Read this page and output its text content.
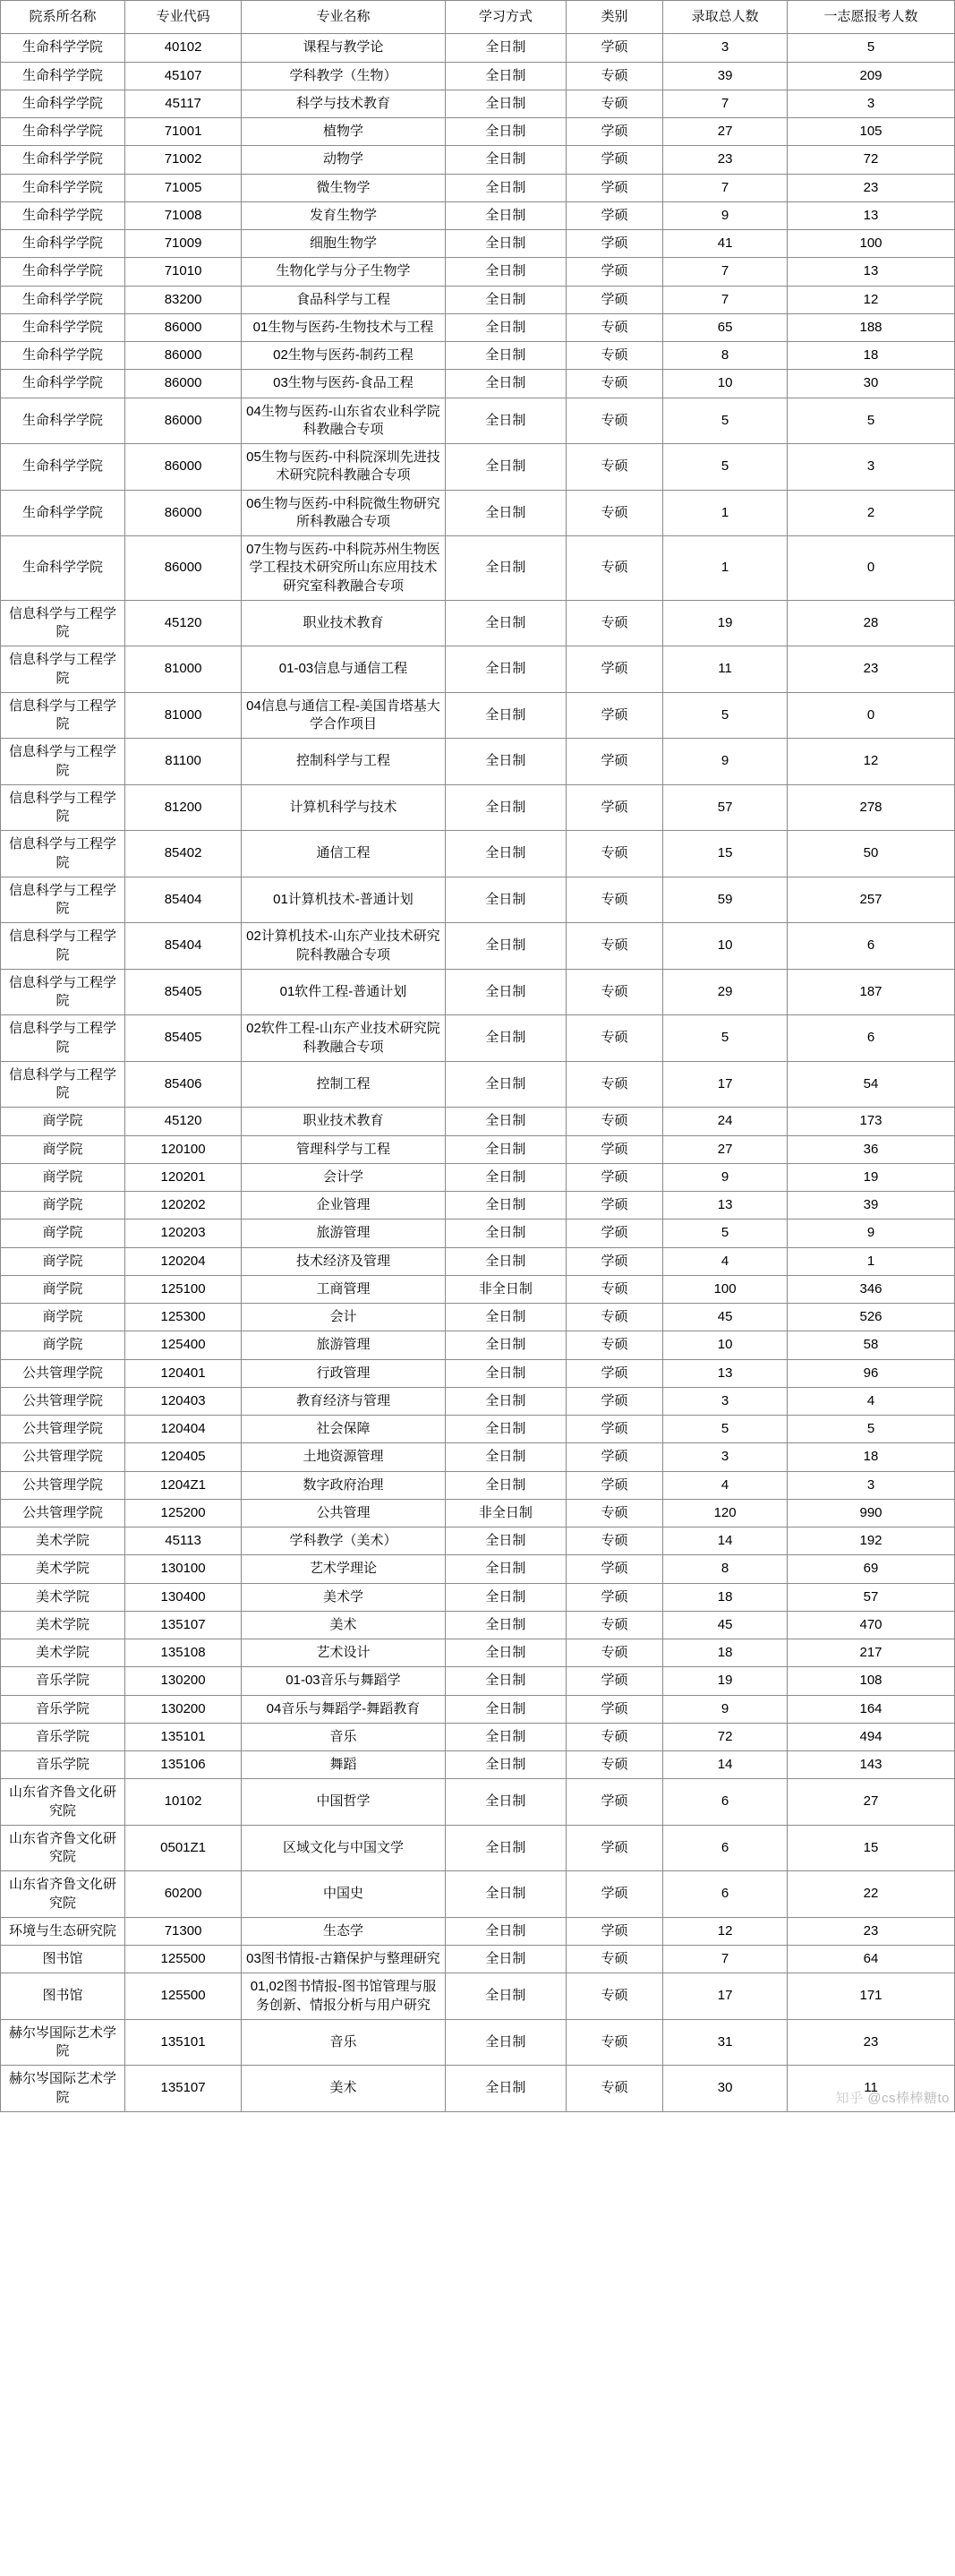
院系所名称	专业代码	专业名称	学习方式	类别	录取总人数	一志愿报考人数
生命科学学院	40102	课程与教学论	全日制	学硕	3	5
生命科学学院	45107	学科教学（生物）	全日制	专硕	39	209
生命科学学院	45117	科学与技术教育	全日制	专硕	7	3
生命科学学院	71001	植物学	全日制	学硕	27	105
生命科学学院	71002	动物学	全日制	学硕	23	72
生命科学学院	71005	微生物学	全日制	学硕	7	23
生命科学学院	71008	发育生物学	全日制	学硕	9	13
生命科学学院	71009	细胞生物学	全日制	学硕	41	100
生命科学学院	71010	生物化学与分子生物学	全日制	学硕	7	13
生命科学学院	83200	食品科学与工程	全日制	学硕	7	12
生命科学学院	86000	01生物与医药-生物技术与工程	全日制	专硕	65	188
生命科学学院	86000	02生物与医药-制药工程	全日制	专硕	8	18
生命科学学院	86000	03生物与医药-食品工程	全日制	专硕	10	30
生命科学学院	86000	04生物与医药-山东省农业科学院科教融合专项	全日制	专硕	5	5
生命科学学院	86000	05生物与医药-中科院深圳先进技术研究院科教融合专项	全日制	专硕	5	3
生命科学学院	86000	06生物与医药-中科院微生物研究所科教融合专项	全日制	专硕	1	2
生命科学学院	86000	07生物与医药-中科院苏州生物医学工程技术研究所山东应用技术研究室科教融合专项	全日制	专硕	1	0
信息科学与工程学院	45120	职业技术教育	全日制	专硕	19	28
信息科学与工程学院	81000	01-03信息与通信工程	全日制	学硕	11	23
信息科学与工程学院	81000	04信息与通信工程-美国肯塔基大学合作项目	全日制	学硕	5	0
信息科学与工程学院	81100	控制科学与工程	全日制	学硕	9	12
信息科学与工程学院	81200	计算机科学与技术	全日制	学硕	57	278
信息科学与工程学院	85402	通信工程	全日制	专硕	15	50
信息科学与工程学院	85404	01计算机技术-普通计划	全日制	专硕	59	257
信息科学与工程学院	85404	02计算机技术-山东产业技术研究院科教融合专项	全日制	专硕	10	6
信息科学与工程学院	85405	01软件工程-普通计划	全日制	专硕	29	187
信息科学与工程学院	85405	02软件工程-山东产业技术研究院科教融合专项	全日制	专硕	5	6
信息科学与工程学院	85406	控制工程	全日制	专硕	17	54
商学院	45120	职业技术教育	全日制	专硕	24	173
商学院	120100	管理科学与工程	全日制	学硕	27	36
商学院	120201	会计学	全日制	学硕	9	19
商学院	120202	企业管理	全日制	学硕	13	39
商学院	120203	旅游管理	全日制	学硕	5	9
商学院	120204	技术经济及管理	全日制	学硕	4	1
商学院	125100	工商管理	非全日制	专硕	100	346
商学院	125300	会计	全日制	专硕	45	526
商学院	125400	旅游管理	全日制	专硕	10	58
公共管理学院	120401	行政管理	全日制	学硕	13	96
公共管理学院	120403	教育经济与管理	全日制	学硕	3	4
公共管理学院	120404	社会保障	全日制	学硕	5	5
公共管理学院	120405	土地资源管理	全日制	学硕	3	18
公共管理学院	1204Z1	数字政府治理	全日制	学硕	4	3
公共管理学院	125200	公共管理	非全日制	专硕	120	990
美术学院	45113	学科教学（美术）	全日制	专硕	14	192
美术学院	130100	艺术学理论	全日制	学硕	8	69
美术学院	130400	美术学	全日制	学硕	18	57
美术学院	135107	美术	全日制	专硕	45	470
美术学院	135108	艺术设计	全日制	专硕	18	217
音乐学院	130200	01-03音乐与舞蹈学	全日制	学硕	19	108
音乐学院	130200	04音乐与舞蹈学-舞蹈教育	全日制	学硕	9	164
音乐学院	135101	音乐	全日制	专硕	72	494
音乐学院	135106	舞蹈	全日制	专硕	14	143
山东省齐鲁文化研究院	10102	中国哲学	全日制	学硕	6	27
山东省齐鲁文化研究院	0501Z1	区域文化与中国文学	全日制	学硕	6	15
山东省齐鲁文化研究院	60200	中国史	全日制	学硕	6	22
环境与生态研究院	71300	生态学	全日制	学硕	12	23
图书馆	125500	03图书情报-古籍保护与整理研究	全日制	专硕	7	64
图书馆	125500	01,02图书情报-图书馆管理与服务创新、情报分析与用户研究	全日制	专硕	17	171
赫尔岑国际艺术学院	135101	音乐	全日制	专硕	31	23
赫尔岑国际艺术学院	135107	美术	全日制	专硕	30	11
知乎 @cs棒棒糖to
